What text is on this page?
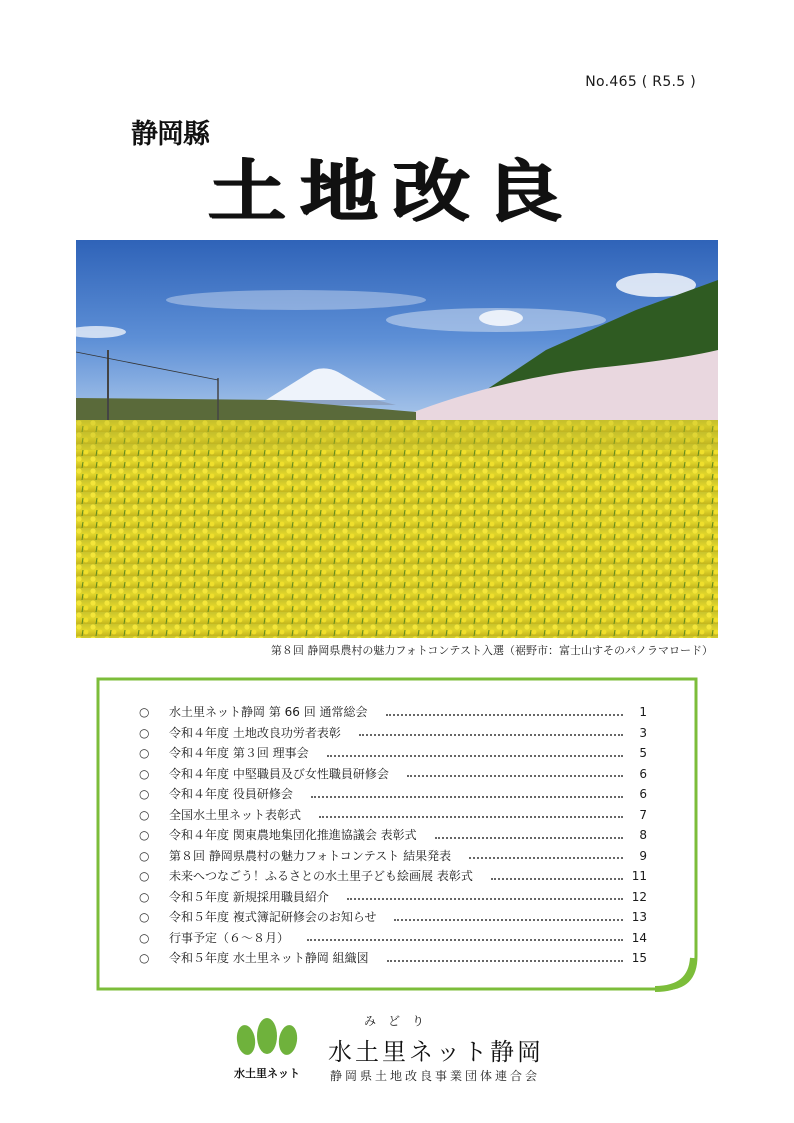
No.465 ( R5.5 )
静岡縣
土地改良
第８回 静岡県農村の魅力フォトコンテスト入選（裾野市：富士山すそのパノラマロード）
○	水土里ネット静岡 第 66 回 通常総会	1
○	令和４年度 土地改良功労者表彰	3
○	令和４年度 第３回 理事会	5
○	令和４年度 中堅職員及び女性職員研修会	6
○	令和４年度 役員研修会	6
○	全国水土里ネット表彰式	7
○	令和４年度 関東農地集団化推進協議会 表彰式	8
○	第８回 静岡県農村の魅力フォトコンテスト 結果発表	9
○	未来へつなごう！ふるさとの水土里子ども絵画展 表彰式	11
○	令和５年度 新規採用職員紹介	12
○	令和５年度 複式簿記研修会のお知らせ	13
○	行事予定（６～８月）	14
○	令和５年度 水土里ネット静岡 組織図	15
水土里ネット
みどり
水土里ネット静岡
静岡県土地改良事業団体連合会
